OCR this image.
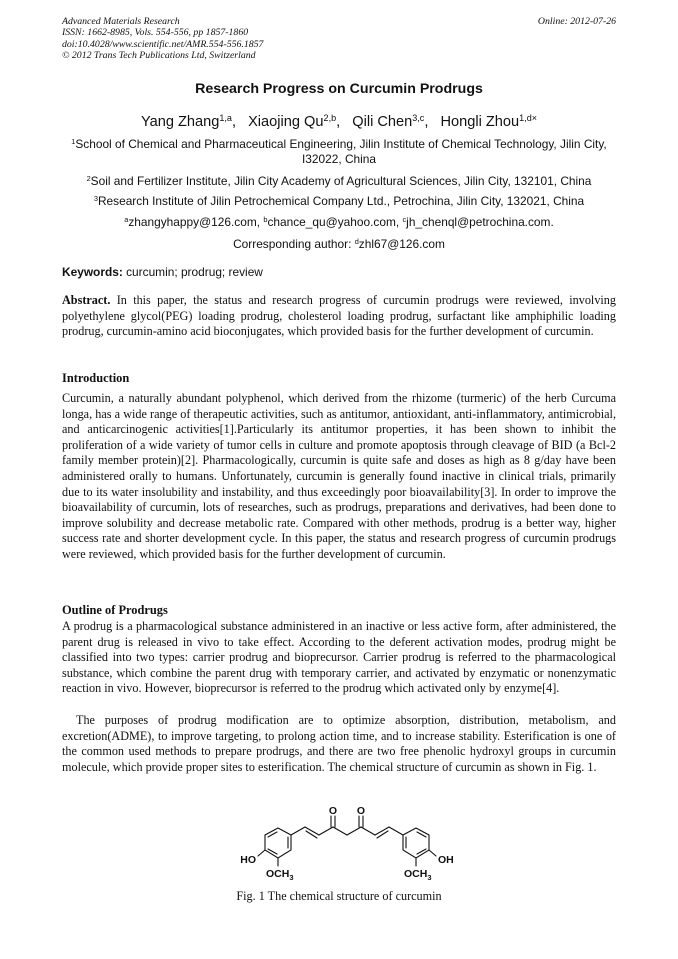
Advanced Materials Research
ISSN: 1662-8985, Vols. 554-556, pp 1857-1860
doi:10.4028/www.scientific.net/AMR.554-556.1857
© 2012 Trans Tech Publications Ltd, Switzerland
Online: 2012-07-26
Research Progress on Curcumin Prodrugs
Yang Zhang$^{1,a}$, Xiaojing Qu$^{2,b}$, Qili Chen$^{3,c}$, Hongli Zhou$^{1,d\times}$
$^1$School of Chemical and Pharmaceutical Engineering, Jilin Institute of Chemical Technology, Jilin City, I32022, China
$^2$Soil and Fertilizer Institute, Jilin City Academy of Agricultural Sciences, Jilin City, 132101, China
$^3$Research Institute of Jilin Petrochemical Company Ltd., Petrochina, Jilin City, 132021, China
$^a$zhangyhappy@126.com, $^b$chance_qu@yahoo.com, $^c$jh_chenql@petrochina.com.
Corresponding author: $^d$zhl67@126.com
Keywords: curcumin; prodrug; review
Abstract. In this paper, the status and research progress of curcumin prodrugs were reviewed, involving polyethylene glycol(PEG) loading prodrug, cholesterol loading prodrug, surfactant like amphiphilic loading prodrug, curcumin-amino acid bioconjugates, which provided basis for the further development of curcumin.
Introduction
Curcumin, a naturally abundant polyphenol, which derived from the rhizome (turmeric) of the herb Curcuma longa, has a wide range of therapeutic activities, such as antitumor, antioxidant, anti-inflammatory, antimicrobial, and anticarcinogenic activities[1].Particularly its antitumor properties, it has been shown to inhibit the proliferation of a wide variety of tumor cells in culture and promote apoptosis through cleavage of BID (a Bcl-2 family member protein)[2]. Pharmacologically, curcumin is quite safe and doses as high as 8 g/day have been administered orally to humans. Unfortunately, curcumin is generally found inactive in clinical trials, primarily due to its water insolubility and instability, and thus exceedingly poor bioavailability[3]. In order to improve the bioavailability of curcumin, lots of researches, such as prodrugs, preparations and derivatives, had been done to improve solubility and decrease metabolic rate. Compared with other methods, prodrug is a better way, higher success rate and shorter development cycle. In this paper, the status and research progress of curcumin prodrugs were reviewed, which provided basis for the further development of curcumin.
Outline of Prodrugs
A prodrug is a pharmacological substance administered in an inactive or less active form, after administered, the parent drug is released in vivo to take effect. According to the deferent activation modes, prodrug might be classified into two types: carrier prodrug and bioprecursor. Carrier prodrug is referred to the pharmacological substance, which combine the parent drug with temporary carrier, and activated by enzymatic or nonenzymatic reaction in vivo. However, bioprecursor is referred to the prodrug which activated only by enzyme[4].
The purposes of prodrug modification are to optimize absorption, distribution, metabolism, and excretion(ADME), to improve targeting, to prolong action time, and to increase stability. Esterification is one of the common used methods to prepare prodrugs, and there are two free phenolic hydroxyl groups in curcumin molecule, which provide proper sites to esterification. The chemical structure of curcumin as shown in Fig. 1.
O O
HO	OH
$OCH_3$	$OCH_3$
Fig. 1 The chemical structure of curcumin
